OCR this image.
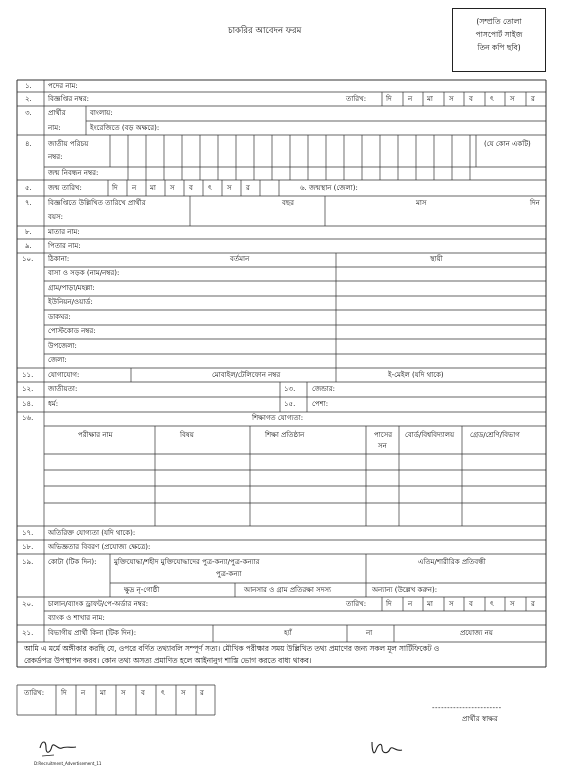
চাকরির আবেদন ফরম
(সম্প্রতি তোলা
পাসপোর্ট সাইজ
তিন কপি ছবি)
১. পদের নাম:
২. বিজ্ঞপ্তির নম্বর:	তারিখ:	দি ন মা স ব ৎ স র
৩. প্রার্থীর
নাম:
বাংলায়:
ইংরেজিতে (বড় অক্ষরে):
৪. জাতীয় পরিচয়
নম্বর:
জন্ম নিবন্ধন নম্বর:
(যে কোন একটি)
৫. জন্ম তারিখ:	দি ন মা স ব ৎ স র	৬. জন্মস্থান (জেলা):
৭. বিজ্ঞপ্তিতে উল্লিখিত তারিখে প্রার্থীর
বয়স:
বছর	মাস	দিন
৮. মাতার নাম:
৯. পিতার নাম:
১০. ঠিকানা:	বর্তমান	স্থায়ী
বাসা ও সড়ক (নাম/নম্বর):
গ্রাম/পাড়া/মহল্লা:
ইউনিয়ন/ওয়ার্ড:
ডাকঘর:
পোস্টকোড নম্বর:
উপজেলা:
জেলা:
১১. যোগাযোগ:	মোবাইল/টেলিফোন নম্বর	ই-মেইল (যদি থাকে)
১২. জাতীয়তা:	১৩. জেন্ডার:
১৪. ধর্ম:	১৫. পেশা:
১৬.	শিক্ষাগত যোগ্যতা:
পরীক্ষার নাম	বিষয়	শিক্ষা প্রতিষ্ঠান	পাসের
সন
বোর্ড/বিশ্ববিদ্যালয় গ্রেড/শ্রেণি/বিভাগ
১৭. অতিরিক্ত যোগ্যতা (যদি থাকে):
১৮. অভিজ্ঞতার বিবরণ (প্রযোজ্য ক্ষেত্রে):
১৯. কোটা (টিক দিন):	মুক্তিযোদ্ধা/শহীদ মুক্তিযোদ্ধাদের পুত্র-কন্যা/পুত্র-কন্যার
পুত্র-কন্যা
এতিম/শারীরিক প্রতিবন্ধী
ক্ষুদ্র নৃ-গোষ্ঠী	আনসার ও গ্রাম প্রতিরক্ষা সদস্য	অন্যান্য (উল্লেখ করুন):
২০. চালান/ব্যাংক ড্রাফট/পে-অর্ডার নম্বর:	তারিখ:	দি ন মা স ব ৎ স র
ব্যাংক ও শাখার নাম:
২১. বিভাগীয় প্রার্থী কিনা (টিক দিন):	হ্যাঁ	না	প্রযোজ্য নয়
আমি এ মর্মে অঙ্গীকার করছি যে, ওপরে বর্ণিত তথ্যাবলি সম্পূর্ণ সত্য। মৌখিক পরীক্ষার সময় উল্লিখিত তথ্য প্রমাণের জন্য সকল মূল সার্টিফিকেট ও
রেকর্ডপত্র উপস্থাপন করব। কোন তথ্য অসত্য প্রমাণিত হলে আইনানুগ শাস্তি ভোগ করতে বাধ্য থাকব।
তারিখ: দি ন মা স ব ৎ স র
-----------------------
প্রার্থীর স্বাক্ষর
D:Recruitment_Advertisement_11
